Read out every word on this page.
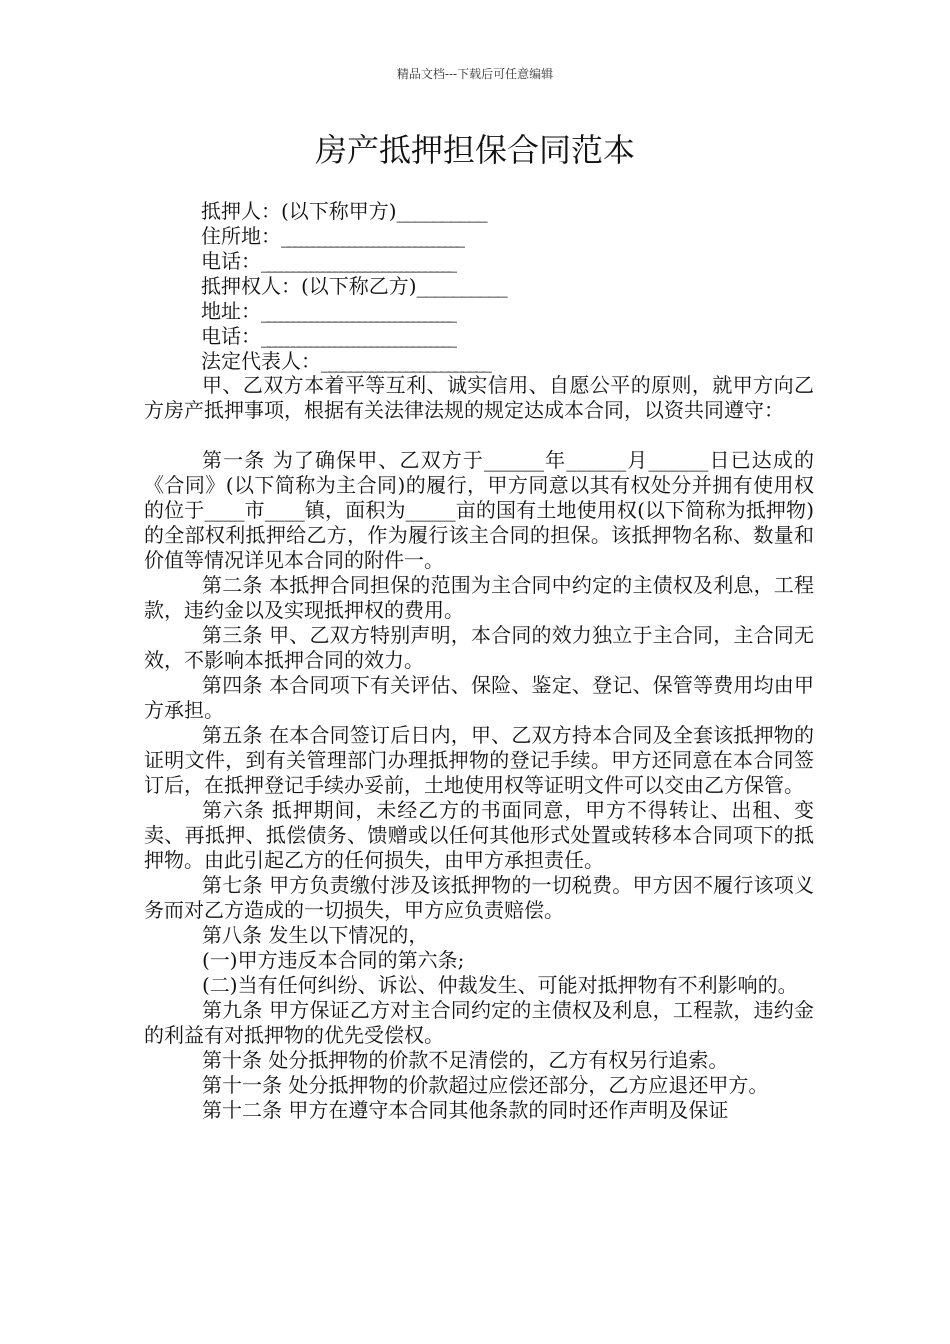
精品文档---下载后可任意编辑
房产抵押担保合同范本
抵押人：(以下称甲方) __________
住所地： ______________________________
电话： ________________________________
抵押权人：(以下称乙方) __________
地址： ________________________________
电话： ________________________________
法定代表人： ________________________

甲、乙双方本着平等互利、诚实信用、自愿公平的原则，就甲方向乙方房产抵押事项，根据有关法律法规的规定达成本合同，以资共同遵守：

第一条 为了确保甲、乙双方于______年______月______日已达成的《合同》(以下简称为主合同)的履行，甲方同意以其有权处分并拥有使用权的位于____市____镇，面积为_____亩的国有土地使用权(以下简称为抵押物)的全部权利抵押给乙方，作为履行该主合同的担保。该抵押物名称、数量和价值等情况详见本合同的附件一。

第二条 本抵押合同担保的范围为主合同中约定的主债权及利息，工程款，违约金以及实现抵押权的费用。

第三条 甲、乙双方特别声明，本合同的效力独立于主合同，主合同无效，不影响本抵押合同的效力。

第四条 本合同项下有关评估、保险、鉴定、登记、保管等费用均由甲方承担。

第五条 在本合同签订后日内，甲、乙双方持本合同及全套该抵押物的证明文件，到有关管理部门办理抵押物的登记手续。甲方还同意在本合同签订后，在抵押登记手续办妥前，土地使用权等证明文件可以交由乙方保管。

第六条 抵押期间，未经乙方的书面同意，甲方不得转让、出租、变卖、再抵押、抵偿债务、馈赠或以任何其他形式处置或转移本合同项下的抵押物。由此引起乙方的任何损失，由甲方承担责任。

第七条 甲方负责缴付涉及该抵押物的一切税费。甲方因不履行该项义务而对乙方造成的一切损失，甲方应负责赔偿。

第八条 发生以下情况的，

(一)甲方违反本合同的第六条;

(二)当有任何纠纷、诉讼、仲裁发生、可能对抵押物有不利影响的。

第九条 甲方保证乙方对主合同约定的主债权及利息，工程款，违约金的利益有对抵押物的优先受偿权。

第十条 处分抵押物的价款不足清偿的，乙方有权另行追索。

第十一条 处分抵押物的价款超过应偿还部分，乙方应退还甲方。

第十二条 甲方在遵守本合同其他条款的同时还作声明及保证
